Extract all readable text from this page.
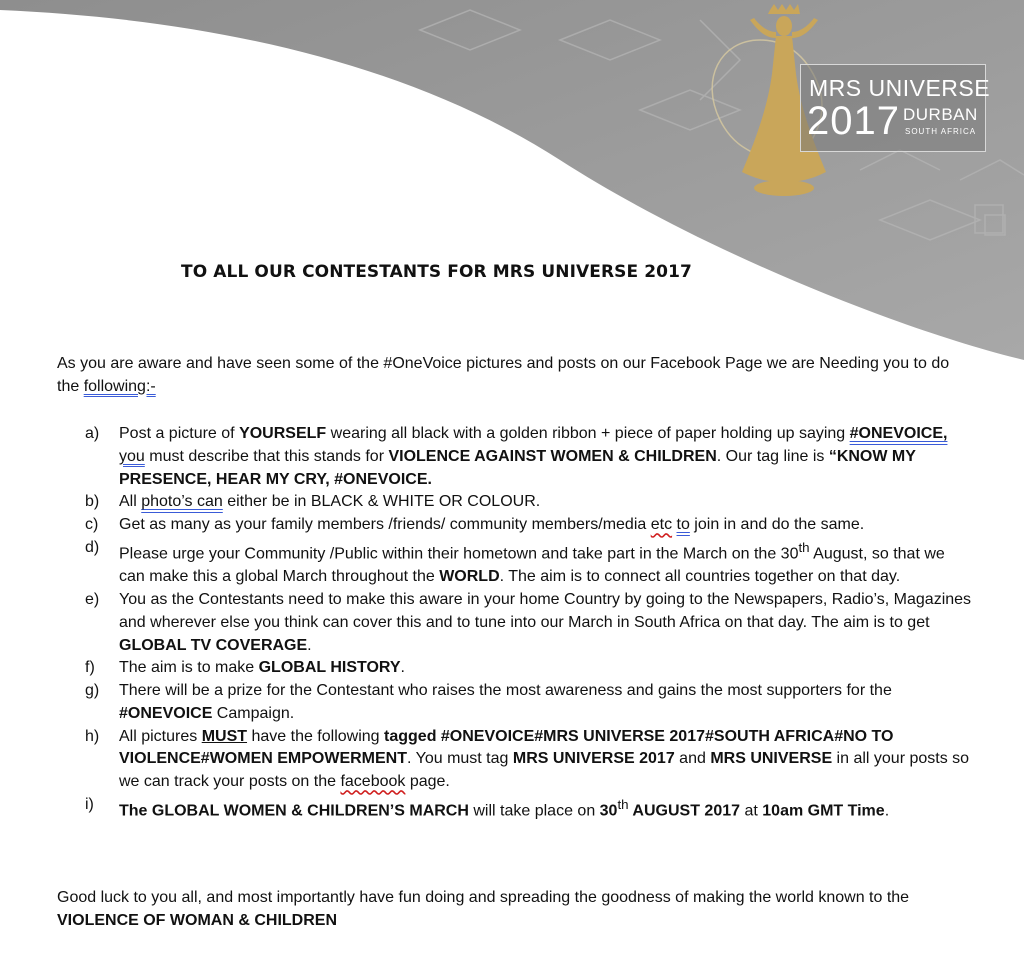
MRS UNIVERSE
2017 DURBAN
SOUTH AFRICA
TO ALL OUR CONTESTANTS FOR MRS UNIVERSE 2017
As you are aware and have seen some of the #OneVoice pictures and posts on our Facebook Page we are Needing you to do the following:-
a) Post a picture of YOURSELF wearing all black with a golden ribbon + piece of paper holding up saying #ONEVOICE, you must describe that this stands for VIOLENCE AGAINST WOMEN & CHILDREN. Our tag line is “KNOW MY PRESENCE, HEAR MY CRY, #ONEVOICE.
b) All photo’s can either be in BLACK & WHITE OR COLOUR.
c) Get as many as your family members /friends/ community members/media etc to join in and do the same.
d) Please urge your Community /Public within their hometown and take part in the March on the 30th August, so that we can make this a global March throughout the WORLD. The aim is to connect all countries together on that day.
e) You as the Contestants need to make this aware in your home Country by going to the Newspapers, Radio’s, Magazines and wherever else you think can cover this and to tune into our March in South Africa on that day. The aim is to get GLOBAL TV COVERAGE.
f) The aim is to make GLOBAL HISTORY.
g) There will be a prize for the Contestant who raises the most awareness and gains the most supporters for the #ONEVOICE Campaign.
h) All pictures MUST have the following tagged #ONEVOICE#MRS UNIVERSE 2017#SOUTH AFRICA#NO TO VIOLENCE#WOMEN EMPOWERMENT. You must tag MRS UNIVERSE 2017 and MRS UNIVERSE in all your posts so we can track your posts on the facebook page.
i) The GLOBAL WOMEN & CHILDREN’S MARCH will take place on 30th AUGUST 2017 at 10am GMT Time.
Good luck to you all, and most importantly have fun doing and spreading the goodness of making the world known to the VIOLENCE OF WOMAN & CHILDREN
